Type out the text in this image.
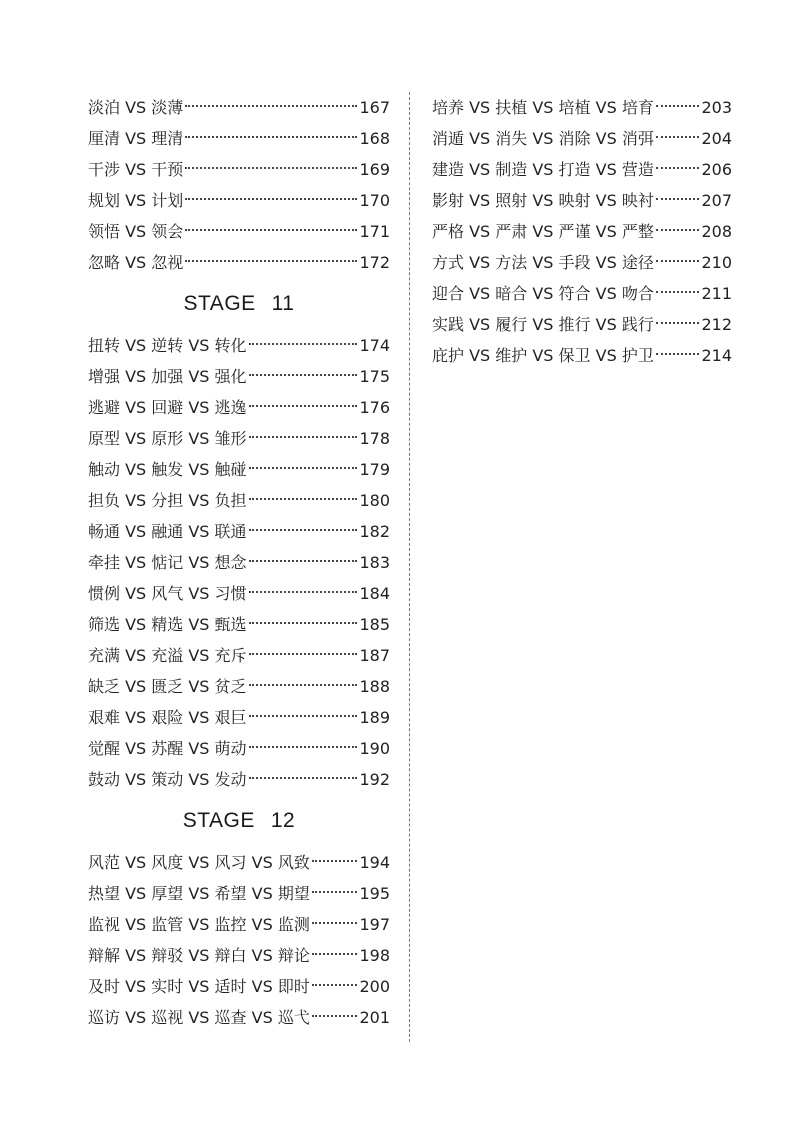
淡泊 VS 淡薄	167
厘清 VS 理清	168
干涉 VS 干预	169
规划 VS 计划	170
领悟 VS 领会	171
忽略 VS 忽视	172
STAGE 11
扭转 VS 逆转 VS 转化	174
增强 VS 加强 VS 强化	175
逃避 VS 回避 VS 逃逸	176
原型 VS 原形 VS 雏形	178
触动 VS 触发 VS 触碰	179
担负 VS 分担 VS 负担	180
畅通 VS 融通 VS 联通	182
牵挂 VS 惦记 VS 想念	183
惯例 VS 风气 VS 习惯	184
筛选 VS 精选 VS 甄选	185
充满 VS 充溢 VS 充斥	187
缺乏 VS 匮乏 VS 贫乏	188
艰难 VS 艰险 VS 艰巨	189
觉醒 VS 苏醒 VS 萌动	190
鼓动 VS 策动 VS 发动	192
STAGE 12
风范 VS 风度 VS 风习 VS 风致	194
热望 VS 厚望 VS 希望 VS 期望	195
监视 VS 监管 VS 监控 VS 监测	197
辩解 VS 辩驳 VS 辩白 VS 辩论	198
及时 VS 实时 VS 适时 VS 即时	200
巡访 VS 巡视 VS 巡查 VS 巡弋	201
培养 VS 扶植 VS 培植 VS 培育	203
消遁 VS 消失 VS 消除 VS 消弭	204
建造 VS 制造 VS 打造 VS 营造	206
影射 VS 照射 VS 映射 VS 映衬	207
严格 VS 严肃 VS 严谨 VS 严整	208
方式 VS 方法 VS 手段 VS 途径	210
迎合 VS 暗合 VS 符合 VS 吻合	211
实践 VS 履行 VS 推行 VS 践行	212
庇护 VS 维护 VS 保卫 VS 护卫	214
